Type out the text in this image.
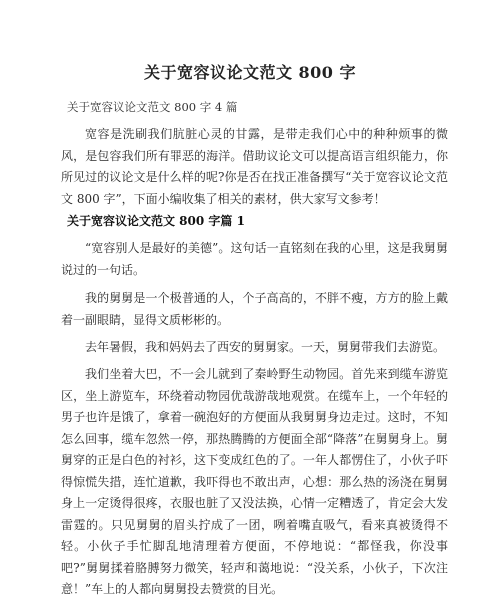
关于宽容议论文范文 800 字
关于宽容议论文范文 800 字 4 篇
宽容是洗刷我们肮脏心灵的甘露，是带走我们心中的种种烦事的微风，是包容我们所有罪恶的海洋。借助议论文可以提高语言组织能力，你所见过的议论文是什么样的呢?你是否在找正准备撰写“关于宽容议论文范文 800 字”，下面小编收集了相关的素材，供大家写文参考！
关于宽容议论文范文 800 字篇 1
“宽容别人是最好的美德”。这句话一直铭刻在我的心里，这是我舅舅说过的一句话。
我的舅舅是一个极普通的人，个子高高的，不胖不瘦，方方的脸上戴着一副眼睛，显得文质彬彬的。
去年暑假，我和妈妈去了西安的舅舅家。一天，舅舅带我们去游览。
我们坐着大巴，不一会儿就到了秦岭野生动物园。首先来到缆车游览区，坐上游览车，环绕着动物园优哉游哉地观赏。在缆车上，一个年轻的男子也许是饿了，拿着一碗泡好的方便面从我舅舅身边走过。这时，不知怎么回事，缆车忽然一停，那热腾腾的方便面全部“降落”在舅舅身上。舅舅穿的正是白色的衬衫，这下变成红色的了。一年人都愣住了，小伙子吓得惊慌失措，连忙道歉，我吓得也不敢出声，心想：那么热的汤浇在舅舅身上一定烫得很疼，衣服也脏了又没法换，心情一定糟透了，肯定会大发雷霆的。只见舅舅的眉头拧成了一团，咧着嘴直吸气，看来真被烫得不轻。小伙子手忙脚乱地清理着方便面，不停地说：“都怪我，你没事吧?”舅舅揉着胳膊努力微笑，轻声和蔼地说：“没关系，小伙子，下次注意！”车上的人都向舅舅投去赞赏的目光。
